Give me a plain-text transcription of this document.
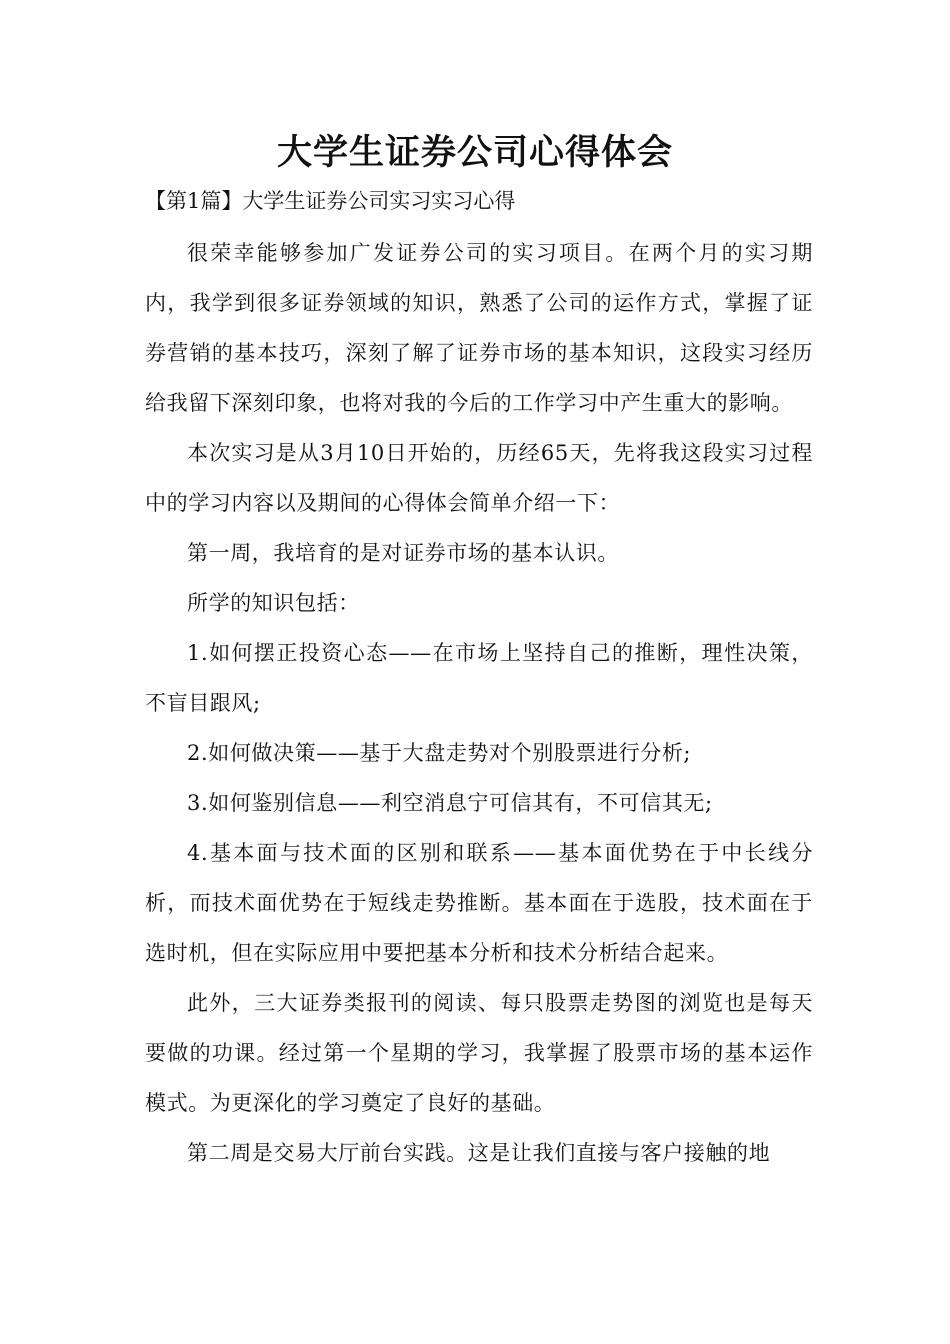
大学生证券公司心得体会
【第1篇】大学生证券公司实习实习心得

很荣幸能够参加广发证券公司的实习项目。在两个月的实习期内，我学到很多证券领域的知识，熟悉了公司的运作方式，掌握了证券营销的基本技巧，深刻了解了证券市场的基本知识，这段实习经历给我留下深刻印象，也将对我的今后的工作学习中产生重大的影响。

本次实习是从3月10日开始的，历经65天，先将我这段实习过程中的学习内容以及期间的心得体会简单介绍一下：

第一周，我培育的是对证券市场的基本认识。

所学的知识包括：

1.如何摆正投资心态——在市场上坚持自己的推断，理性决策，不盲目跟风;

2.如何做决策——基于大盘走势对个别股票进行分析;

3.如何鉴别信息——利空消息宁可信其有，不可信其无;

4.基本面与技术面的区别和联系——基本面优势在于中长线分析，而技术面优势在于短线走势推断。基本面在于选股，技术面在于选时机，但在实际应用中要把基本分析和技术分析结合起来。

此外，三大证券类报刊的阅读、每只股票走势图的浏览也是每天要做的功课。经过第一个星期的学习，我掌握了股票市场的基本运作模式。为更深化的学习奠定了良好的基础。

第二周是交易大厅前台实践。这是让我们直接与客户接触的地
